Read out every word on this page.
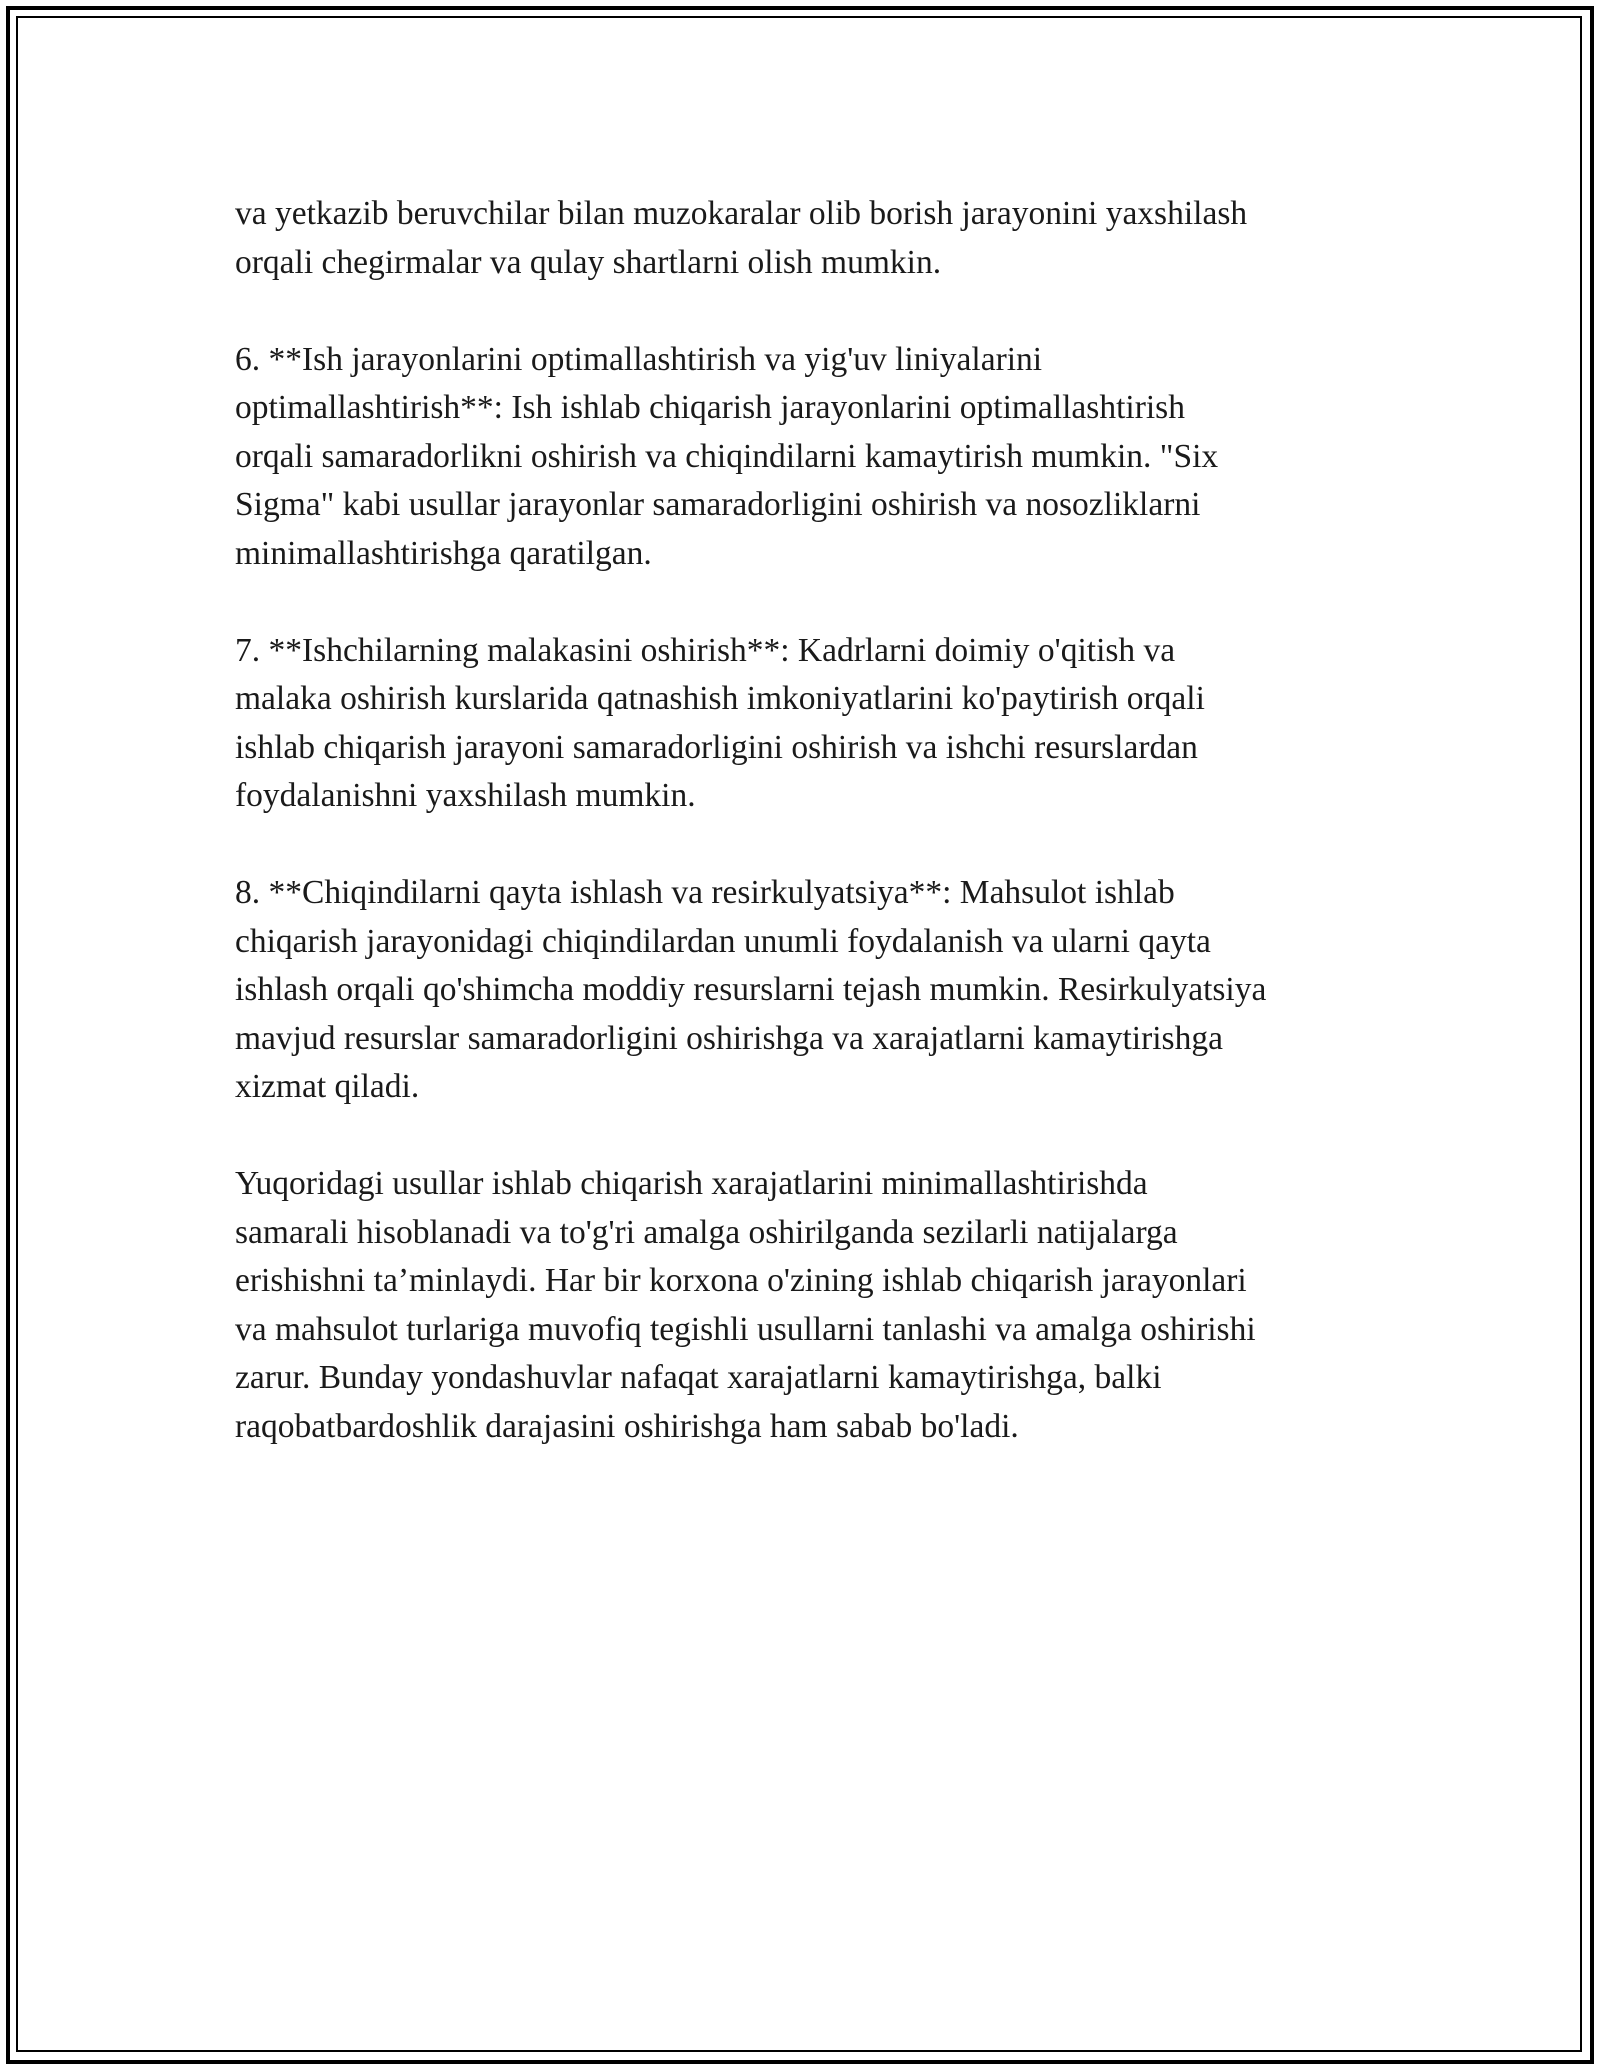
va yetkazib beruvchilar bilan muzokaralar olib borish jarayonini yaxshilash
orqali chegirmalar va qulay shartlarni olish mumkin.

6. **Ish jarayonlarini optimallashtirish va yig'uv liniyalarini
optimallashtirish**: Ish ishlab chiqarish jarayonlarini optimallashtirish
orqali samaradorlikni oshirish va chiqindilarni kamaytirish mumkin. "Six
Sigma" kabi usullar jarayonlar samaradorligini oshirish va nosozliklarni
minimallashtirishga qaratilgan.

7. **Ishchilarning malakasini oshirish**: Kadrlarni doimiy o'qitish va
malaka oshirish kurslarida qatnashish imkoniyatlarini ko'paytirish orqali
ishlab chiqarish jarayoni samaradorligini oshirish va ishchi resurslardan
foydalanishni yaxshilash mumkin.

8. **Chiqindilarni qayta ishlash va resirkulyatsiya**: Mahsulot ishlab
chiqarish jarayonidagi chiqindilardan unumli foydalanish va ularni qayta
ishlash orqali qo'shimcha moddiy resurslarni tejash mumkin. Resirkulyatsiya
mavjud resurslar samaradorligini oshirishga va xarajatlarni kamaytirishga
xizmat qiladi.

Yuqoridagi usullar ishlab chiqarish xarajatlarini minimallashtirishda
samarali hisoblanadi va to'g'ri amalga oshirilganda sezilarli natijalarga
erishishni ta’minlaydi. Har bir korxona o'zining ishlab chiqarish jarayonlari
va mahsulot turlariga muvofiq tegishli usullarni tanlashi va amalga oshirishi
zarur. Bunday yondashuvlar nafaqat xarajatlarni kamaytirishga, balki
raqobatbardoshlik darajasini oshirishga ham sabab bo'ladi.
